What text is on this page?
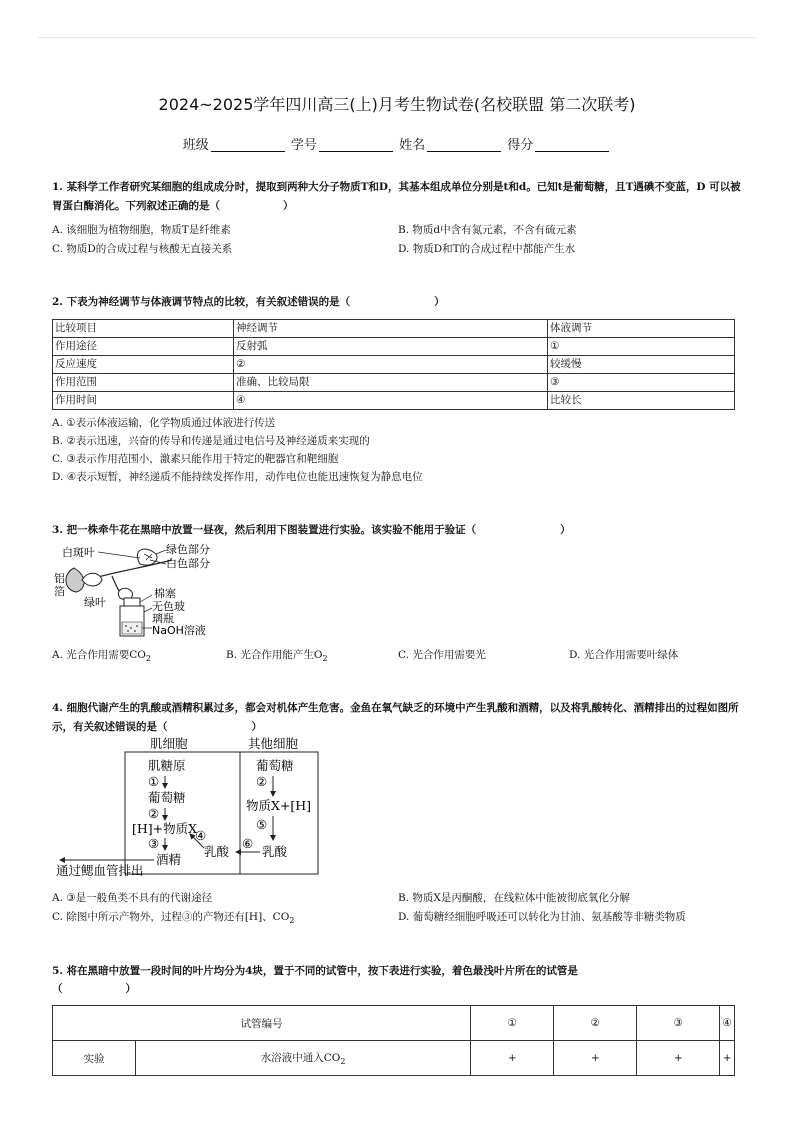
2024~2025学年四川高三(上)月考生物试卷(名校联盟 第二次联考)
班级	学号	姓名	得分
1. 某科学工作者研究某细胞的组成成分时，提取到两种大分子物质T和D，其基本组成单位分别是t和d。已知t是葡萄糖，且T遇碘不变蓝，D 可以被胃蛋白酶消化。下列叙述正确的是（　　　　　　）
A. 该细胞为植物细胞，物质T是纤维素	B. 物质d中含有氮元素，不含有硫元素
C. 物质D的合成过程与核酸无直接关系	D. 物质D和T的合成过程中都能产生水
2. 下表为神经调节与体液调节特点的比较，有关叙述错误的是（　　　　　　　　）
比较项目	神经调节	体液调节
作用途径	反射弧	①
反应速度	②	较缓慢
作用范围	准确、比较局限	③
作用时间	④	比较长
A. ①表示体液运输，化学物质通过体液进行传送
B. ②表示迅速，兴奋的传导和传递是通过电信号及神经递质来实现的
C. ③表示作用范围小，激素只能作用于特定的靶器官和靶细胞
D. ④表示短暂，神经递质不能持续发挥作用，动作电位也能迅速恢复为静息电位
3. 把一株牵牛花在黑暗中放置一昼夜，然后利用下图装置进行实验。该实验不能用于验证（　　　　　　　　）
白斑叶	绿色部分
白色部分
铝
箔
绿叶
棉塞
无色玻
璃瓶
NaOH溶液
A. 光合作用需要$CO_2$	B. 光合作用能产生$O_2$	C. 光合作用需要光	D. 光合作用需要叶绿体
4. 细胞代谢产生的乳酸或酒精积累过多，都会对机体产生危害。金鱼在氧气缺乏的环境中产生乳酸和酒精，以及将乳酸转化、酒精排出的过程如图所示，有关叙述错误的是（　　　　　　　　）
肌细胞	其他细胞
肌糖原
①
葡萄糖
②
[H]+物质X
③
酒精
乳酸
④
葡萄糖
②
物质X+[H]
⑤
乳酸
⑥
通过鳃血管排出
A. ③是一般鱼类不具有的代谢途径	B. 物质X是丙酮酸，在线粒体中能被彻底氧化分解
C. 除图中所示产物外，过程③的产物还有[H]、$CO_2$	D. 葡萄糖经细胞呼吸还可以转化为甘油、氨基酸等非糖类物质
5. 将在黑暗中放置一段时间的叶片均分为4块，置于不同的试管中，按下表进行实验，着色最浅叶片所在的试管是
（　　　　　　）
试管编号		①	②	③	④
实验	水浴液中通入$CO_2$	+	+	+	+
